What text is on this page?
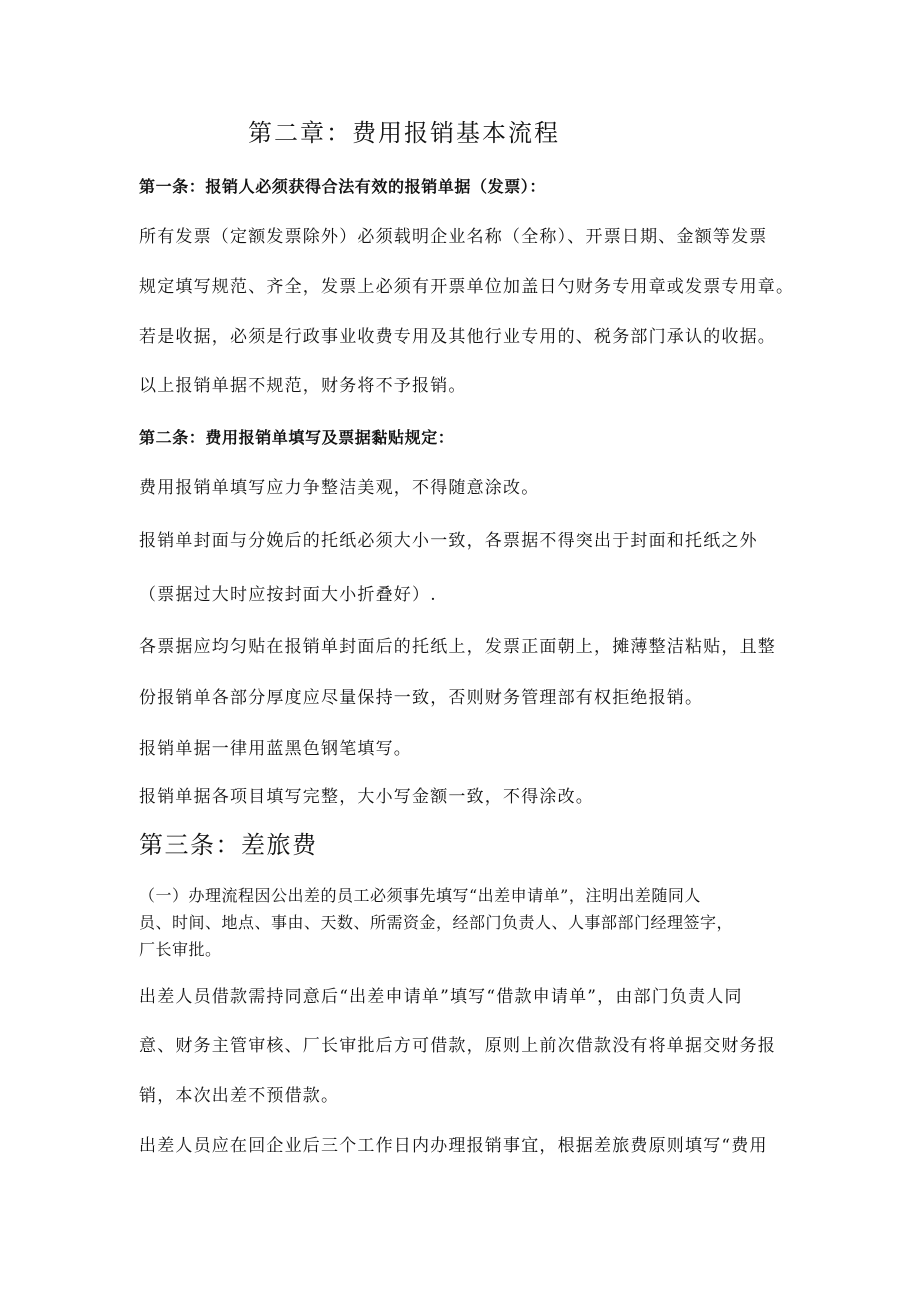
第二章：费用报销基本流程
第一条：报销人必须获得合法有效的报销单据（发票）：
所有发票（定额发票除外）必须载明企业名称（全称）、开票日期、金额等发票
规定填写规范、齐全，发票上必须有开票单位加盖日勺财务专用章或发票专用章。
若是收据，必须是行政事业收费专用及其他行业专用的、税务部门承认的收据。
以上报销单据不规范，财务将不予报销。
第二条：费用报销单填写及票据黏贴规定：
费用报销单填写应力争整洁美观，不得随意涂改。
报销单封面与分娩后的托纸必须大小一致，各票据不得突出于封面和托纸之外
（票据过大时应按封面大小折叠好）.
各票据应均匀贴在报销单封面后的托纸上，发票正面朝上，摊薄整洁粘贴，且整
份报销单各部分厚度应尽量保持一致，否则财务管理部有权拒绝报销。
报销单据一律用蓝黑色钢笔填写。
报销单据各项目填写完整，大小写金额一致，不得涂改。
第三条：差旅费
（一）办理流程因公出差的员工必须事先填写“出差申请单”，注明出差随同人
员、时间、地点、事由、天数、所需资金，经部门负责人、人事部部门经理签字，
厂长审批。
出差人员借款需持同意后“出差申请单”填写“借款申请单”，由部门负责人同
意、财务主管审核、厂长审批后方可借款，原则上前次借款没有将单据交财务报
销，本次出差不预借款。
出差人员应在回企业后三个工作日内办理报销事宜，根据差旅费原则填写“费用
